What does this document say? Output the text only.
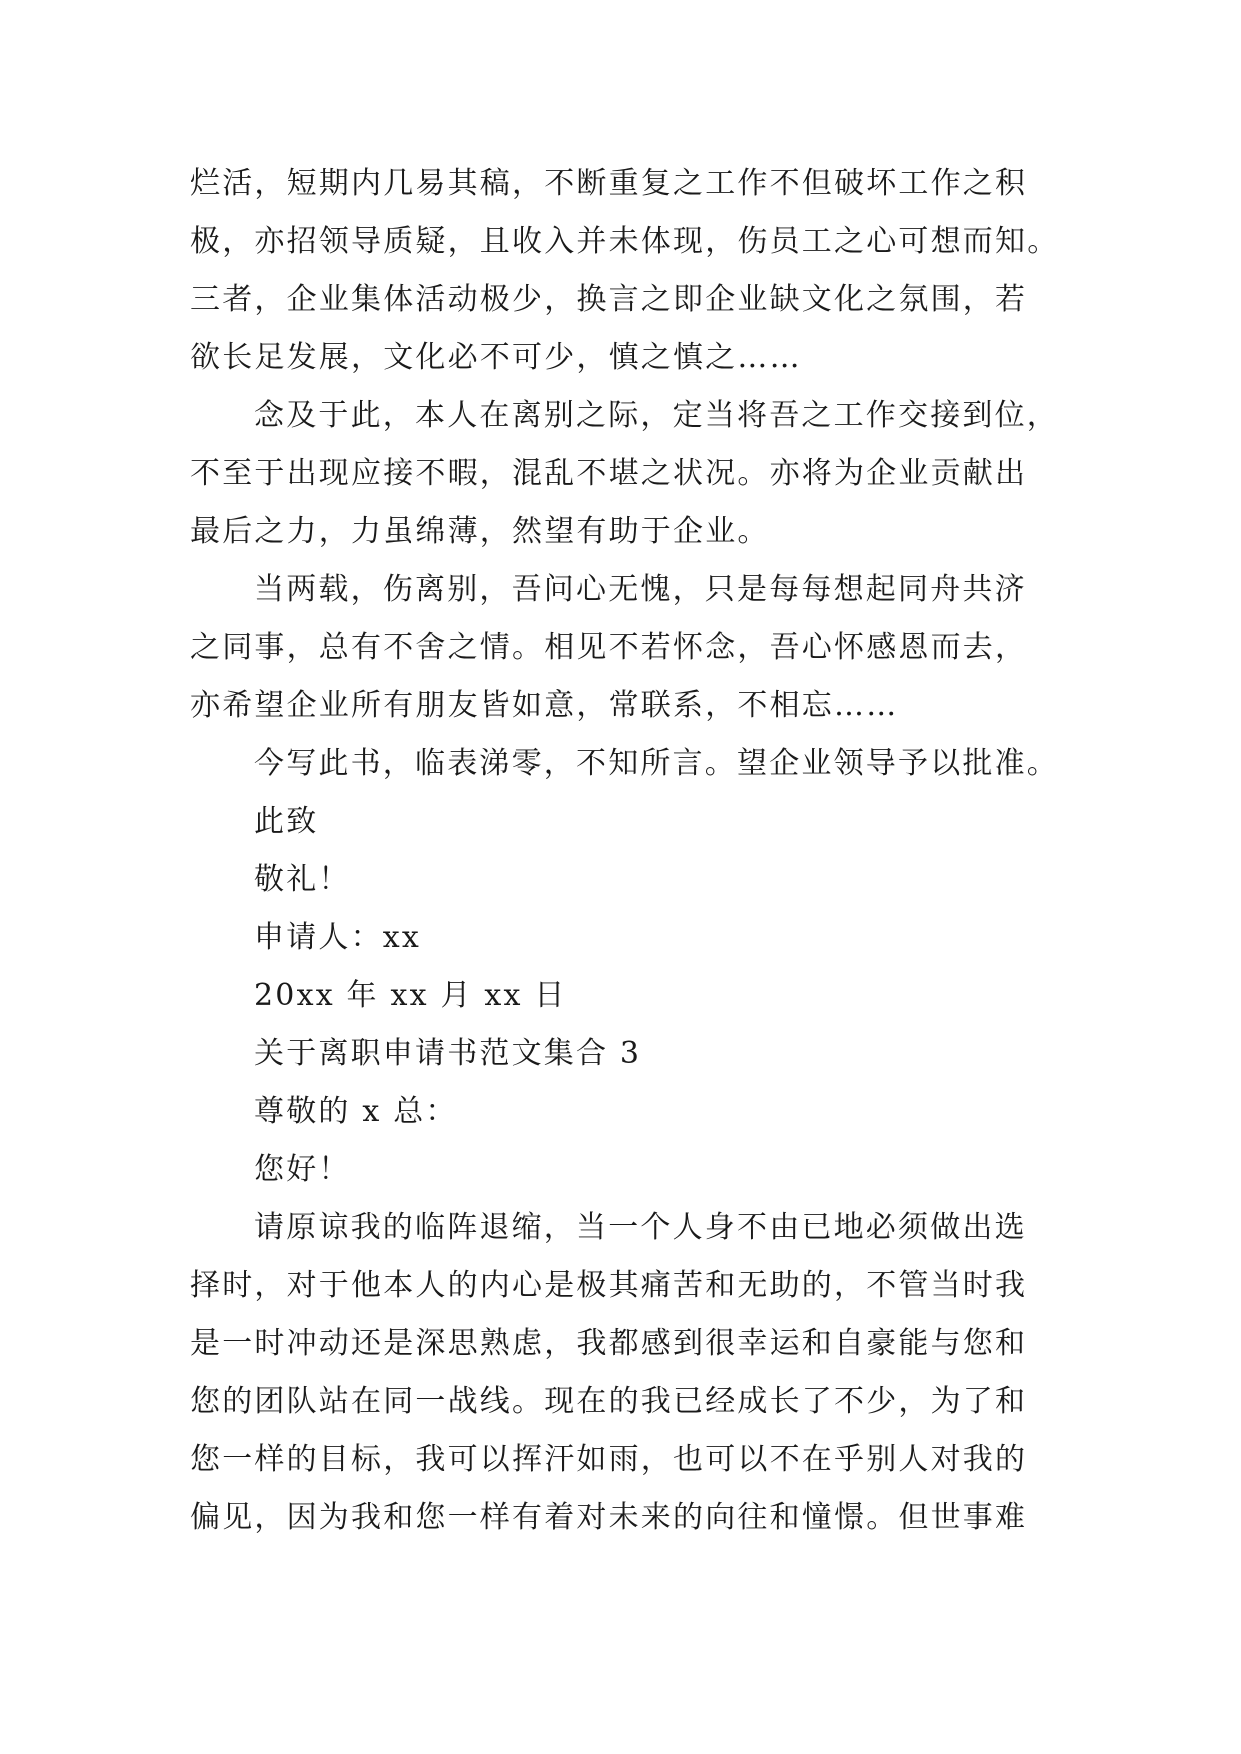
烂活，短期内几易其稿，不断重复之工作不但破坏工作之积
极，亦招领导质疑，且收入并未体现，伤员工之心可想而知。
三者，企业集体活动极少，换言之即企业缺文化之氛围，若
欲长足发展，文化必不可少，慎之慎之……
念及于此，本人在离别之际，定当将吾之工作交接到位，
不至于出现应接不暇，混乱不堪之状况。亦将为企业贡献出
最后之力，力虽绵薄，然望有助于企业。
当两载，伤离别，吾问心无愧，只是每每想起同舟共济
之同事，总有不舍之情。相见不若怀念，吾心怀感恩而去，
亦希望企业所有朋友皆如意，常联系，不相忘……
今写此书，临表涕零，不知所言。望企业领导予以批准。
此致
敬礼！
申请人：xx
20xx 年 xx 月 xx 日
关于离职申请书范文集合 3
尊敬的 x 总：
您好！
请原谅我的临阵退缩，当一个人身不由已地必须做出选
择时，对于他本人的内心是极其痛苦和无助的，不管当时我
是一时冲动还是深思熟虑，我都感到很幸运和自豪能与您和
您的团队站在同一战线。现在的我已经成长了不少，为了和
您一样的目标，我可以挥汗如雨，也可以不在乎别人对我的
偏见，因为我和您一样有着对未来的向往和憧憬。但世事难
